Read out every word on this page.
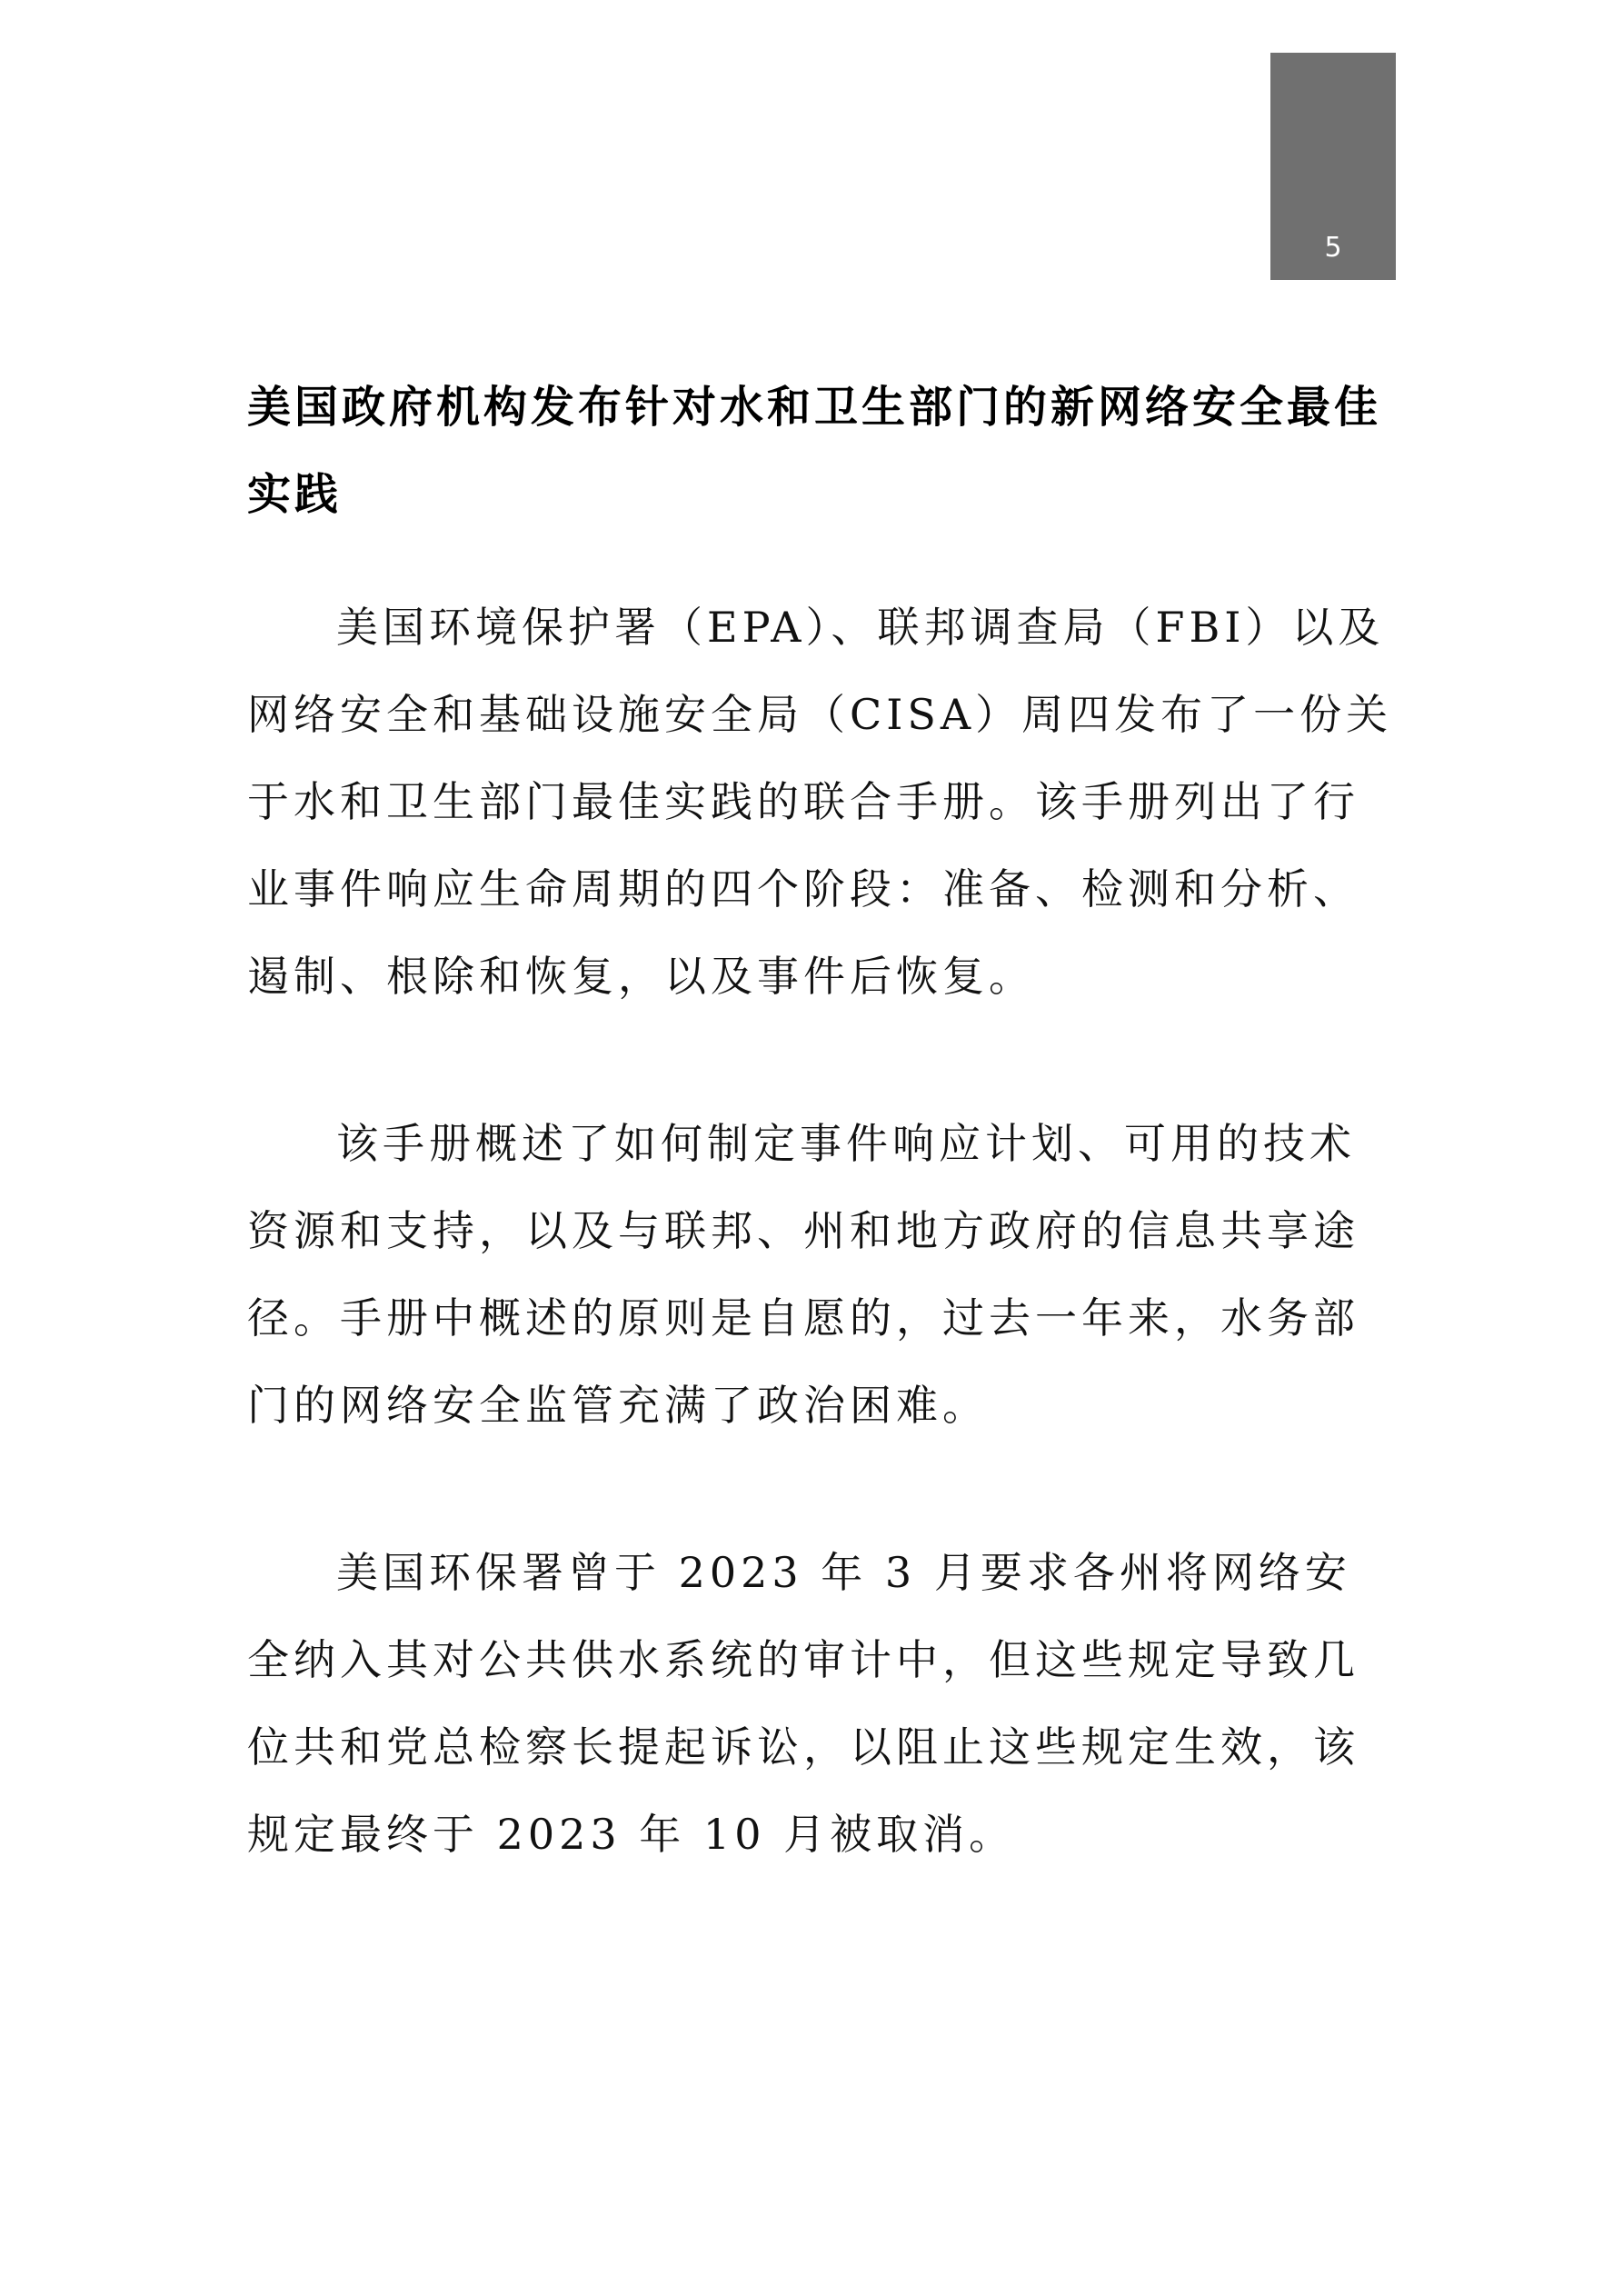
5
美国政府机构发布针对水和卫生部门的新网络安全最佳实践

美国环境保护署（EPA）、联邦调查局（FBI）以及网络安全和基础设施安全局（CISA）周四发布了一份关于水和卫生部门最佳实践的联合手册。该手册列出了行业事件响应生命周期的四个阶段：准备、检测和分析、遏制、根除和恢复，以及事件后恢复。

该手册概述了如何制定事件响应计划、可用的技术资源和支持，以及与联邦、州和地方政府的信息共享途径。手册中概述的原则是自愿的，过去一年来，水务部门的网络安全监管充满了政治困难。

美国环保署曾于 2023 年 3 月要求各州将网络安全纳入其对公共供水系统的审计中，但这些规定导致几位共和党总检察长提起诉讼，以阻止这些规定生效，该规定最终于 2023 年 10 月被取消。
